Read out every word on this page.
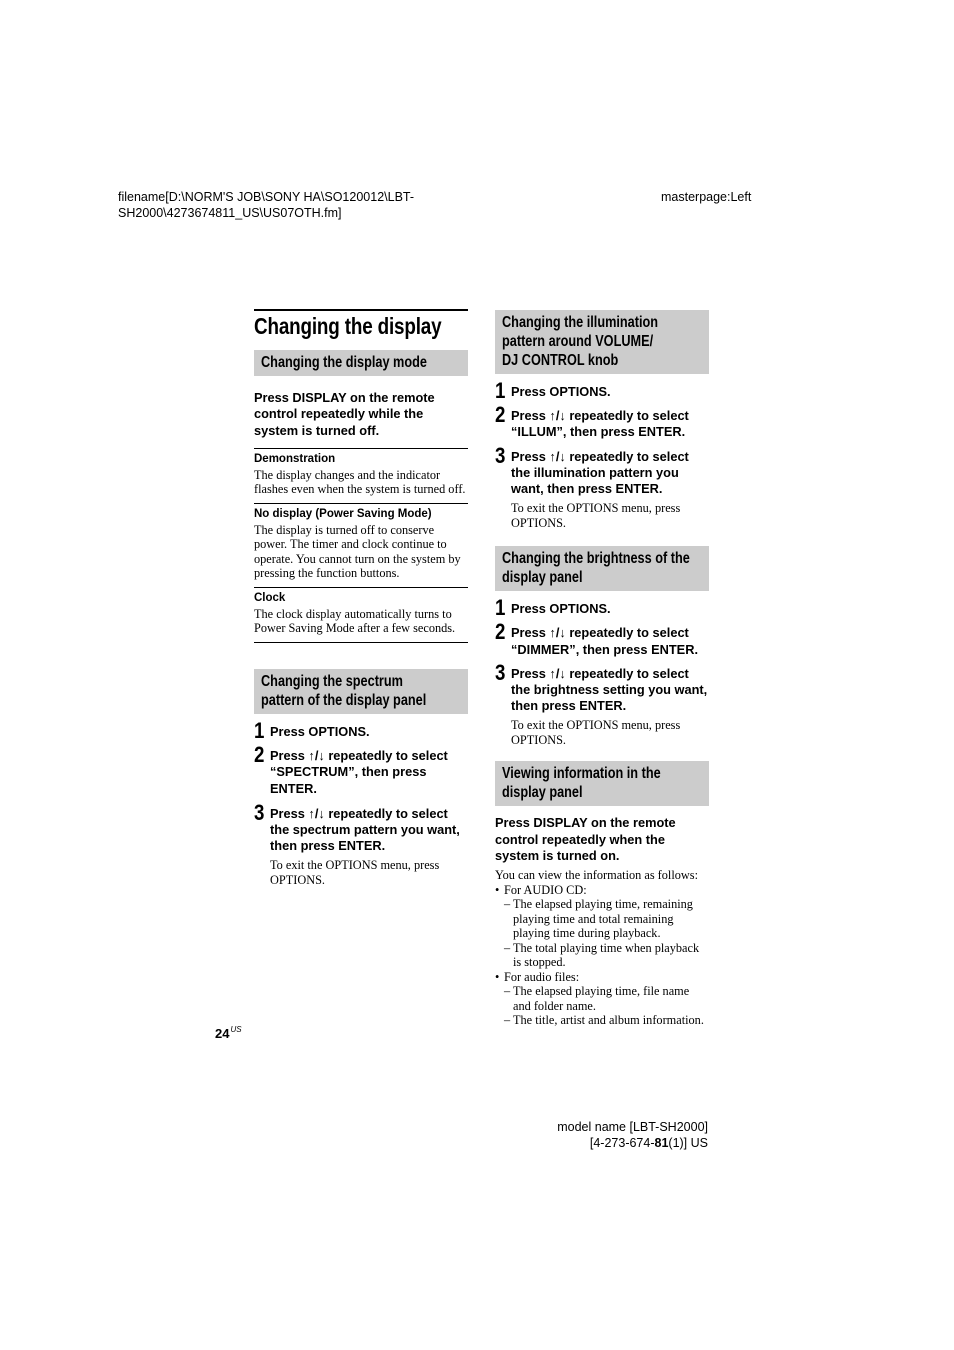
filename[D:\NORM'S JOB\SONY HA\SO120012\LBT-
SH2000\4273674811_US\US07OTH.fm]
masterpage:Left
Changing the display
Changing the display mode
Press DISPLAY on the remote control repeatedly while the system is turned off.
Demonstration
The display changes and the indicator flashes even when the system is turned off.
No display (Power Saving Mode)
The display is turned off to conserve power. The timer and clock continue to operate. You cannot turn on the system by pressing the function buttons.
Clock
The clock display automatically turns to Power Saving Mode after a few seconds.
Changing the spectrum
pattern of the display panel
1 Press OPTIONS.
2 Press ↑/↓ repeatedly to select “SPECTRUM”, then press ENTER.
3 Press ↑/↓ repeatedly to select the spectrum pattern you want, then press ENTER.
To exit the OPTIONS menu, press OPTIONS.
Changing the illumination
pattern around VOLUME/
DJ CONTROL knob
1 Press OPTIONS.
2 Press ↑/↓ repeatedly to select “ILLUM”, then press ENTER.
3 Press ↑/↓ repeatedly to select the illumination pattern you want, then press ENTER.
To exit the OPTIONS menu, press OPTIONS.
Changing the brightness of the
display panel
1 Press OPTIONS.
2 Press ↑/↓ repeatedly to select “DIMMER”, then press ENTER.
3 Press ↑/↓ repeatedly to select the brightness setting you want, then press ENTER.
To exit the OPTIONS menu, press OPTIONS.
Viewing information in the
display panel
Press DISPLAY on the remote control repeatedly when the system is turned on.
You can view the information as follows:
• For AUDIO CD:
– The elapsed playing time, remaining playing time and total remaining playing time during playback.
– The total playing time when playback is stopped.
• For audio files:
– The elapsed playing time, file name and folder name.
– The title, artist and album information.
$24^{US}$
model name [LBT-SH2000]
[4-273-674-81(1)] US
